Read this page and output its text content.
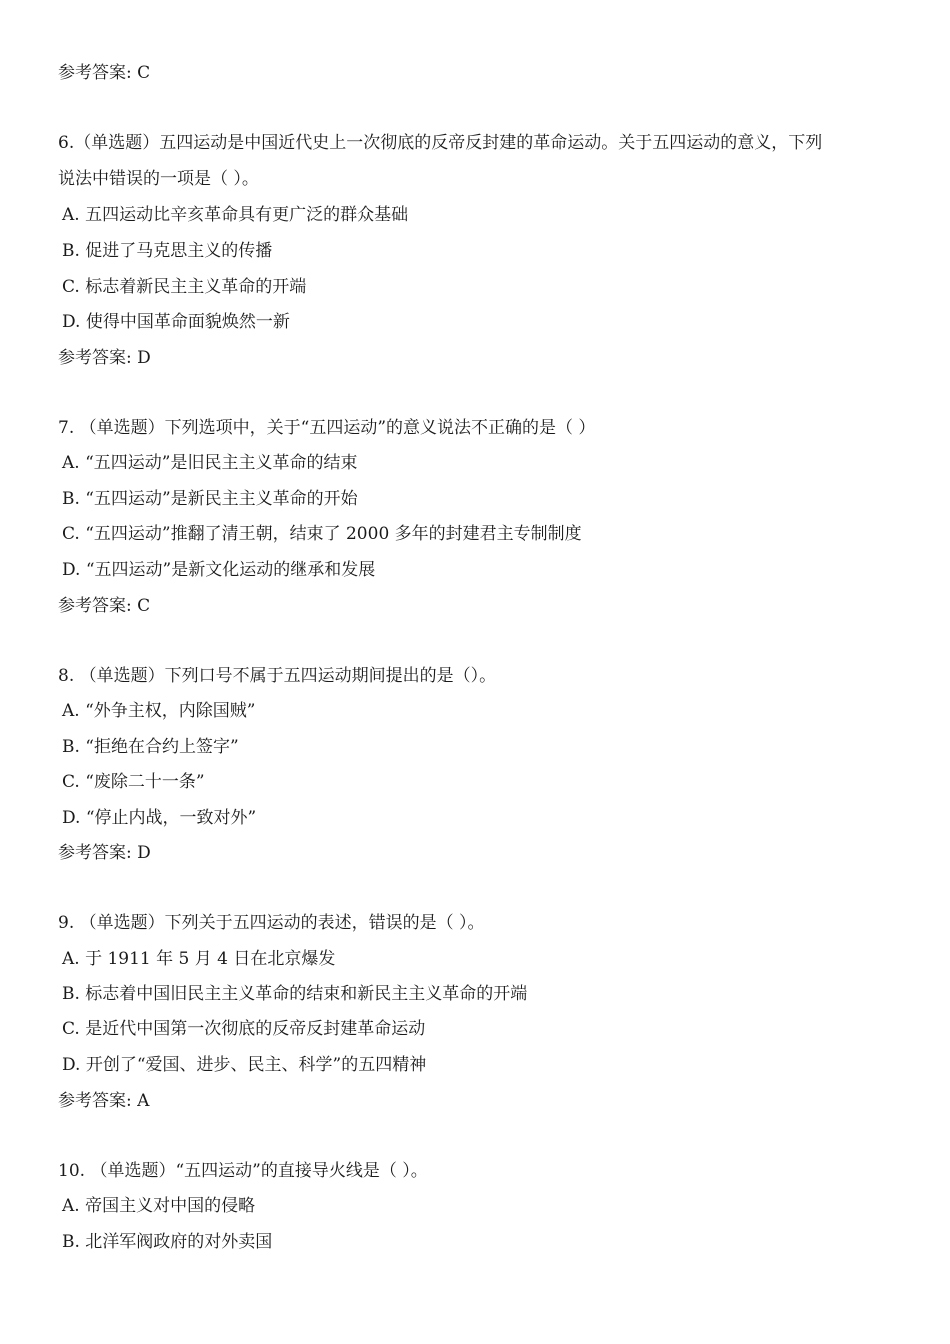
参考答案: C
6.（单选题）五四运动是中国近代史上一次彻底的反帝反封建的革命运动。关于五四运动的意义，下列
说法中错误的一项是（ ）。
A. 五四运动比辛亥革命具有更广泛的群众基础
B. 促进了马克思主义的传播
C. 标志着新民主主义革命的开端
D. 使得中国革命面貌焕然一新
参考答案: D
7. （单选题）下列选项中，关于“五四运动”的意义说法不正确的是（ ）
A. “五四运动”是旧民主主义革命的结束
B. “五四运动”是新民主主义革命的开始
C. “五四运动”推翻了清王朝，结束了 2000 多年的封建君主专制制度
D. “五四运动”是新文化运动的继承和发展
参考答案: C
8. （单选题）下列口号不属于五四运动期间提出的是（）。
A. “外争主权，内除国贼”
B. “拒绝在合约上签字”
C. “废除二十一条”
D. “停止内战，一致对外”
参考答案: D
9. （单选题）下列关于五四运动的表述，错误的是（ ）。
A. 于 1911 年 5 月 4 日在北京爆发
B. 标志着中国旧民主主义革命的结束和新民主主义革命的开端
C. 是近代中国第一次彻底的反帝反封建革命运动
D. 开创了“爱国、进步、民主、科学”的五四精神
参考答案: A
10. （单选题）“五四运动”的直接导火线是（ ）。
A. 帝国主义对中国的侵略
B. 北洋军阀政府的对外卖国
